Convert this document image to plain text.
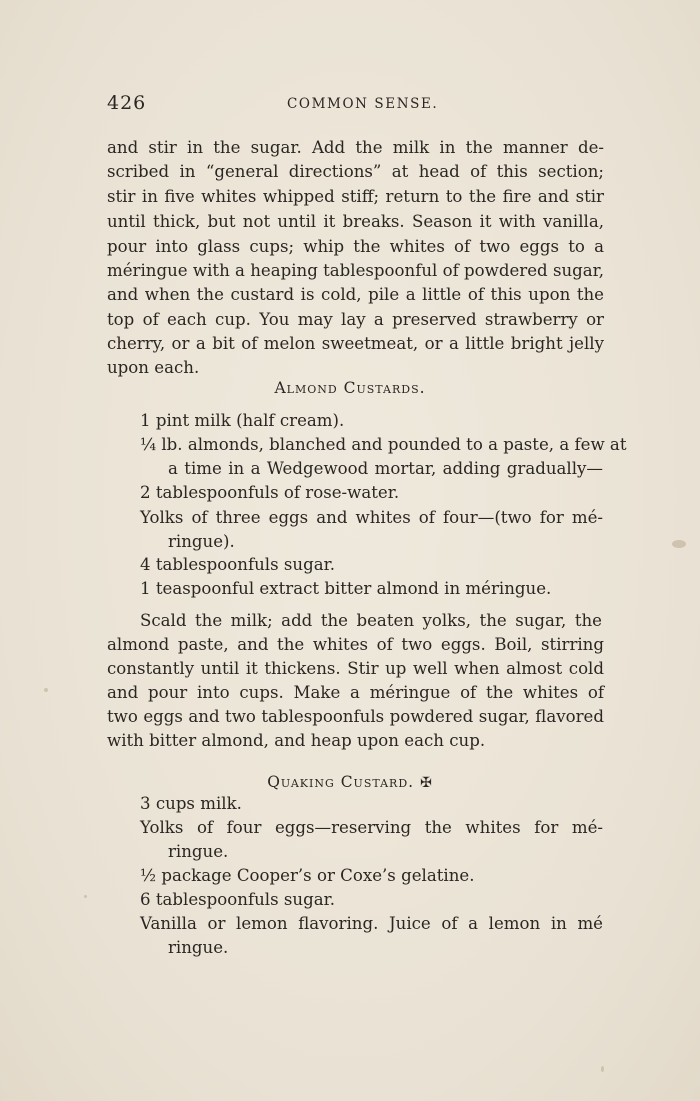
426	COMMON SENSE.
and stir in the sugar. Add the milk in the manner de-
scribed in “general directions” at head of this section;
stir in five whites whipped stiff; return to the fire and stir
until thick, but not until it breaks. Season it with vanilla,
pour into glass cups; whip the whites of two eggs to a
méringue with a heaping tablespoonful of powdered sugar,
and when the custard is cold, pile a little of this upon the
top of each cup. You may lay a preserved strawberry or
cherry, or a bit of melon sweetmeat, or a little bright jelly
upon each.
Almond Custards.
1 pint milk (half cream).
¼ lb. almonds, blanched and pounded to a paste, a few at
a time in a Wedgewood mortar, adding gradually—
2 tablespoonfuls of rose-water.
Yolks of three eggs and whites of four—(two for mé-
ringue).
4 tablespoonfuls sugar.
1 teaspoonful extract bitter almond in méringue.
Scald the milk; add the beaten yolks, the sugar, the
almond paste, and the whites of two eggs. Boil, stirring
constantly until it thickens. Stir up well when almost cold
and pour into cups. Make a méringue of the whites of
two eggs and two tablespoonfuls powdered sugar, flavored
with bitter almond, and heap upon each cup.
Quaking Custard. ✠
3 cups milk.
Yolks of four eggs—reserving the whites for mé-
ringue.
½ package Cooper’s or Coxe’s gelatine.
6 tablespoonfuls sugar.
Vanilla or lemon flavoring. Juice of a lemon in mé
ringue.
